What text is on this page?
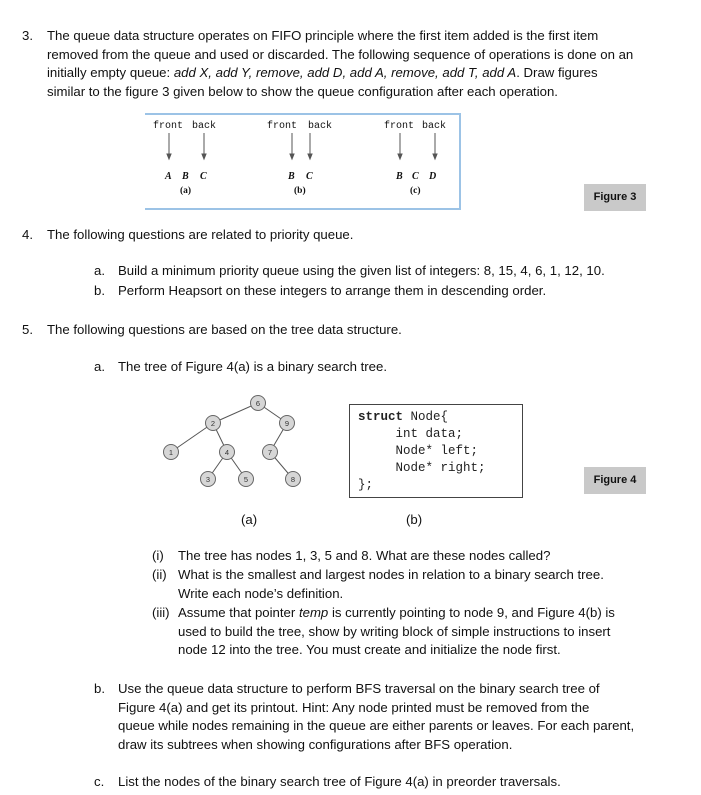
3. The queue data structure operates on FIFO principle where the first item added is the first item
removed from the queue and used or discarded. The following sequence of operations is done on an
initially empty queue: add X, add Y, remove, add D, add A, remove, add T, add A. Draw figures
similar to the figure 3 given below to show the queue configuration after each operation.
front back
A B C
(a)
front back
B C
(b)
front back
B C D
(c)	Figure 3
4. The following questions are related to priority queue.
a. Build a minimum priority queue using the given list of integers: 8, 15, 4, 6, 1, 12, 10.
b. Perform Heapsort on these integers to arrange them in descending order.
5. The following questions are based on the tree data structure.
a. The tree of Figure 4(a) is a binary search tree.
6
2	9
1	4	7
3	5	8
struct Node{
int data;
Node* left;
Node* right;
};	Figure 4
(a)	(b)
(i) The tree has nodes 1, 3, 5 and 8. What are these nodes called?
(ii) What is the smallest and largest nodes in relation to a binary search tree.
Write each node’s definition.
(iii) Assume that pointer temp is currently pointing to node 9, and Figure 4(b) is
used to build the tree, show by writing block of simple instructions to insert
node 12 into the tree. You must create and initialize the node first.
b. Use the queue data structure to perform BFS traversal on the binary search tree of
Figure 4(a) and get its printout. Hint: Any node printed must be removed from the
queue while nodes remaining in the queue are either parents or leaves. For each parent,
draw its subtrees when showing configurations after BFS operation.
c. List the nodes of the binary search tree of Figure 4(a) in preorder traversals.
